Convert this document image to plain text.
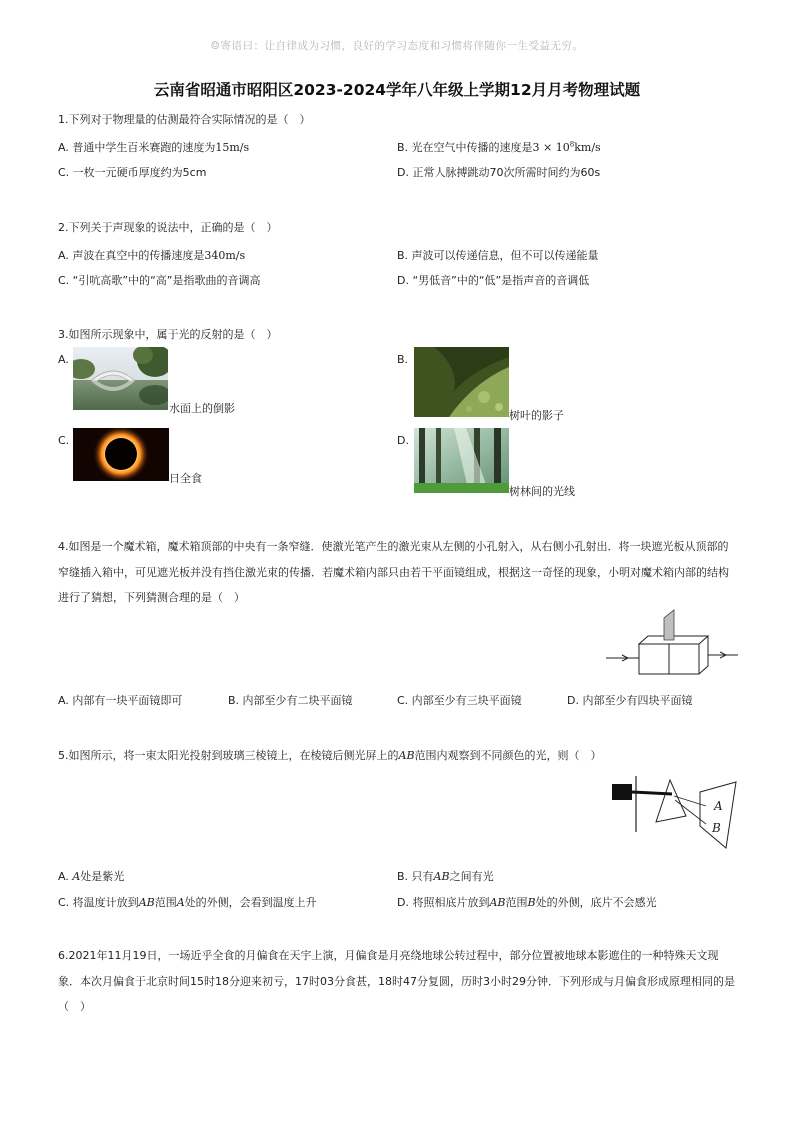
☺寄语曰：让自律成为习惯，良好的学习态度和习惯将伴随你一生受益无穷。
云南省昭通市昭阳区2023-2024学年八年级上学期12月月考物理试题
1.下列对于物理量的估测最符合实际情况的是（　）
A. 普通中学生百米赛跑的速度为15m/s	B. 光在空气中传播的速度是$3 \times 10^8km/s$
C. 一枚一元硬币厚度约为5cm	D. 正常人脉搏跳动70次所需时间约为60s
2.下列关于声现象的说法中，正确的是（　）
A. 声波在真空中的传播速度是340m/s	B. 声波可以传递信息，但不可以传递能量
C. “引吭高歌”中的“高”是指歌曲的音调高	D. “男低音”中的“低”是指声音的音调低
3.如图所示现象中，属于光的反射的是（　）
A.
水面上的倒影
B.
树叶的影子
C.
日全食
D.
树林间的光线
4.如图是一个魔术箱，魔术箱顶部的中央有一条窄缝．使激光笔产生的激光束从左侧的小孔射入，从右侧小孔射出．将一块遮光板从顶部的
窄缝插入箱中，可见遮光板并没有挡住激光束的传播．若魔术箱内部只由若干平面镜组成，根据这一奇怪的现象，小明对魔术箱内部的结构
进行了猜想，下列猜测合理的是（　）
A. 内部有一块平面镜即可	B. 内部至少有二块平面镜	C. 内部至少有三块平面镜	D. 内部至少有四块平面镜
5.如图所示，将一束太阳光投射到玻璃三棱镜上，在棱镜后侧光屏上的AB范围内观察到不同颜色的光，则（　）
A
B
A. A处是紫光	B. 只有AB之间有光
C. 将温度计放到AB范围A处的外侧，会看到温度上升	D. 将照相底片放到AB范围B处的外侧，底片不会感光
6.2021年11月19日，一场近乎全食的月偏食在天宇上演，月偏食是月亮绕地球公转过程中，部分位置被地球本影遮住的一种特殊天文现
象．本次月偏食于北京时间15时18分迎来初亏，17时03分食甚，18时47分复圆，历时3小时29分钟．下列形成与月偏食形成原理相同的是
（　）
